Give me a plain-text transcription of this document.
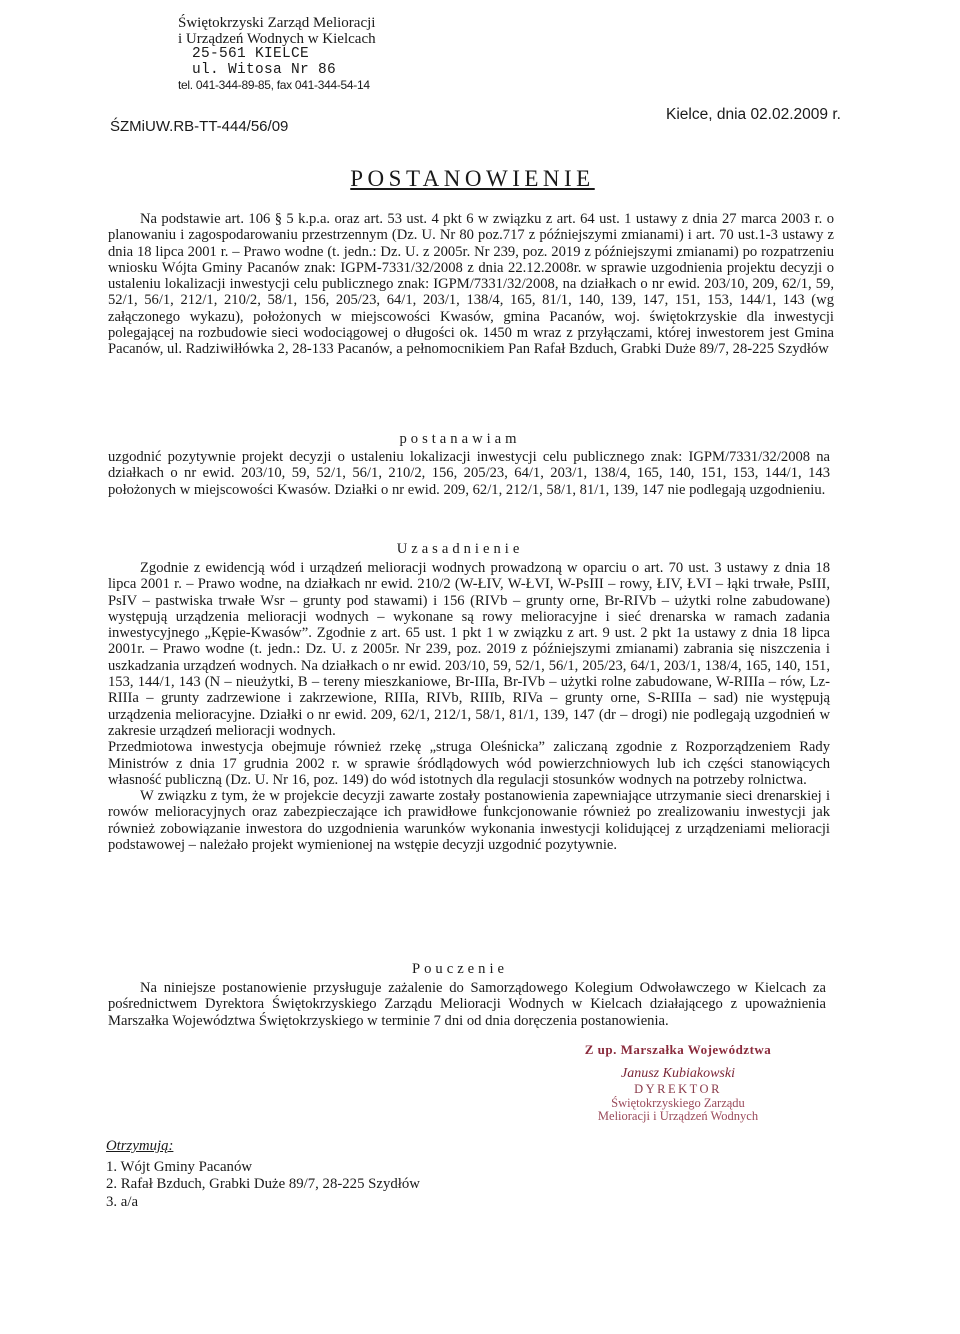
Świętokrzyski Zarząd Melioracji
i Urządzeń Wodnych w Kielcach
25-561 KIELCE
ul. Witosa Nr 86
tel. 041-344-89-85, fax 041-344-54-14
ŚZMiUW.RB-TT-444/56/09
Kielce, dnia 02.02.2009 r.
POSTANOWIENIE

Na podstawie art. 106 § 5 k.p.a. oraz art. 53 ust. 4 pkt 6 w związku z art. 64 ust. 1 ustawy z dnia 27 marca 2003 r. o planowaniu i zagospodarowaniu przestrzennym (Dz. U. Nr 80 poz.717 z późniejszymi zmianami) i art. 70 ust.1-3 ustawy z dnia 18 lipca 2001 r. – Prawo wodne (t. jedn.: Dz. U. z 2005r. Nr 239, poz. 2019 z późniejszymi zmianami) po rozpatrzeniu wniosku Wójta Gminy Pacanów znak: IGPM-7331/32/2008 z dnia 22.12.2008r. w sprawie uzgodnienia projektu decyzji o ustaleniu lokalizacji inwestycji celu publicznego znak: IGPM/7331/32/2008, na działkach o nr ewid. 203/10, 209, 62/1, 59, 52/1, 56/1, 212/1, 210/2, 58/1, 156, 205/23, 64/1, 203/1, 138/4, 165, 81/1, 140, 139, 147, 151, 153, 144/1, 143 (wg załączonego wykazu), położonych w miejscowości Kwasów, gmina Pacanów, woj. świętokrzyskie dla inwestycji polegającej na rozbudowie sieci wodociągowej o długości ok. 1450 m wraz z przyłączami, której inwestorem jest Gmina Pacanów, ul. Radziwiłłówka 2, 28-133 Pacanów, a pełnomocnikiem Pan Rafał Bzduch, Grabki Duże 89/7, 28-225 Szydłów

postanawiam

uzgodnić pozytywnie projekt decyzji o ustaleniu lokalizacji inwestycji celu publicznego znak: IGPM/7331/32/2008 na działkach o nr ewid. 203/10, 59, 52/1, 56/1, 210/2, 156, 205/23, 64/1, 203/1, 138/4, 165, 140, 151, 153, 144/1, 143 położonych w miejscowości Kwasów. Działki o nr ewid. 209, 62/1, 212/1, 58/1, 81/1, 139, 147 nie podlegają uzgodnieniu.

Uzasadnienie

Zgodnie z ewidencją wód i urządzeń melioracji wodnych prowadzoną w oparciu o art. 70 ust. 3 ustawy z dnia 18 lipca 2001 r. – Prawo wodne, na działkach nr ewid. 210/2 (W-ŁIV, W-ŁVI, W-PsIII – rowy, ŁIV, ŁVI – łąki trwałe, PsIII, PsIV – pastwiska trwałe Wsr – grunty pod stawami) i 156 (RIVb – grunty orne, Br-RIVb – użytki rolne zabudowane) występują urządzenia melioracji wodnych – wykonane są rowy melioracyjne i sieć drenarska w ramach zadania inwestycyjnego „Kępie-Kwasów”. Zgodnie z art. 65 ust. 1 pkt 1 w związku z art. 9 ust. 2 pkt 1a ustawy z dnia 18 lipca 2001r. – Prawo wodne (t. jedn.: Dz. U. z 2005r. Nr 239, poz. 2019 z późniejszymi zmianami) zabrania się niszczenia i uszkadzania urządzeń wodnych. Na działkach o nr ewid. 203/10, 59, 52/1, 56/1, 205/23, 64/1, 203/1, 138/4, 165, 140, 151, 153, 144/1, 143 (N – nieużytki, B – tereny mieszkaniowe, Br-IIIa, Br-IVb – użytki rolne zabudowane, W-RIIIa – rów, Lz-RIIIa – grunty zadrzewione i zakrzewione, RIIIa, RIVb, RIIIb, RIVa – grunty orne, S-RIIIa – sad) nie występują urządzenia melioracyjne. Działki o nr ewid. 209, 62/1, 212/1, 58/1, 81/1, 139, 147 (dr – drogi) nie podlegają uzgodnień w zakresie urządzeń melioracji wodnych.

Przedmiotowa inwestycja obejmuje również rzekę „struga Oleśnicka” zaliczaną zgodnie z Rozporządzeniem Rady Ministrów z dnia 17 grudnia 2002 r. w sprawie śródlądowych wód powierzchniowych lub ich części stanowiących własność publiczną (Dz. U. Nr 16, poz. 149) do wód istotnych dla regulacji stosunków wodnych na potrzeby rolnictwa.

W związku z tym, że w projekcie decyzji zawarte zostały postanowienia zapewniające utrzymanie sieci drenarskiej i rowów melioracyjnych oraz zabezpieczające ich prawidłowe funkcjonowanie również po zrealizowaniu inwestycji jak również zobowiązanie inwestora do uzgodnienia warunków wykonania inwestycji kolidującej z urządzeniami melioracji podstawowej – należało projekt wymienionej na wstępie decyzji uzgodnić pozytywnie.

Pouczenie

Na niniejsze postanowienie przysługuje zażalenie do Samorządowego Kolegium Odwoławczego w Kielcach za pośrednictwem Dyrektora Świętokrzyskiego Zarządu Melioracji Wodnych w Kielcach działającego z upoważnienia Marszałka Województwa Świętokrzyskiego w terminie 7 dni od dnia doręczenia postanowienia.

Z up. Marszałka Województwa
Janusz Kubiakowski
DYREKTOR
Świętokrzyskiego Zarządu
Melioracji i Urządzeń Wodnych
Otrzymują:
1. Wójt Gminy Pacanów
2. Rafał Bzduch, Grabki Duże 89/7, 28-225 Szydłów
3. a/a
